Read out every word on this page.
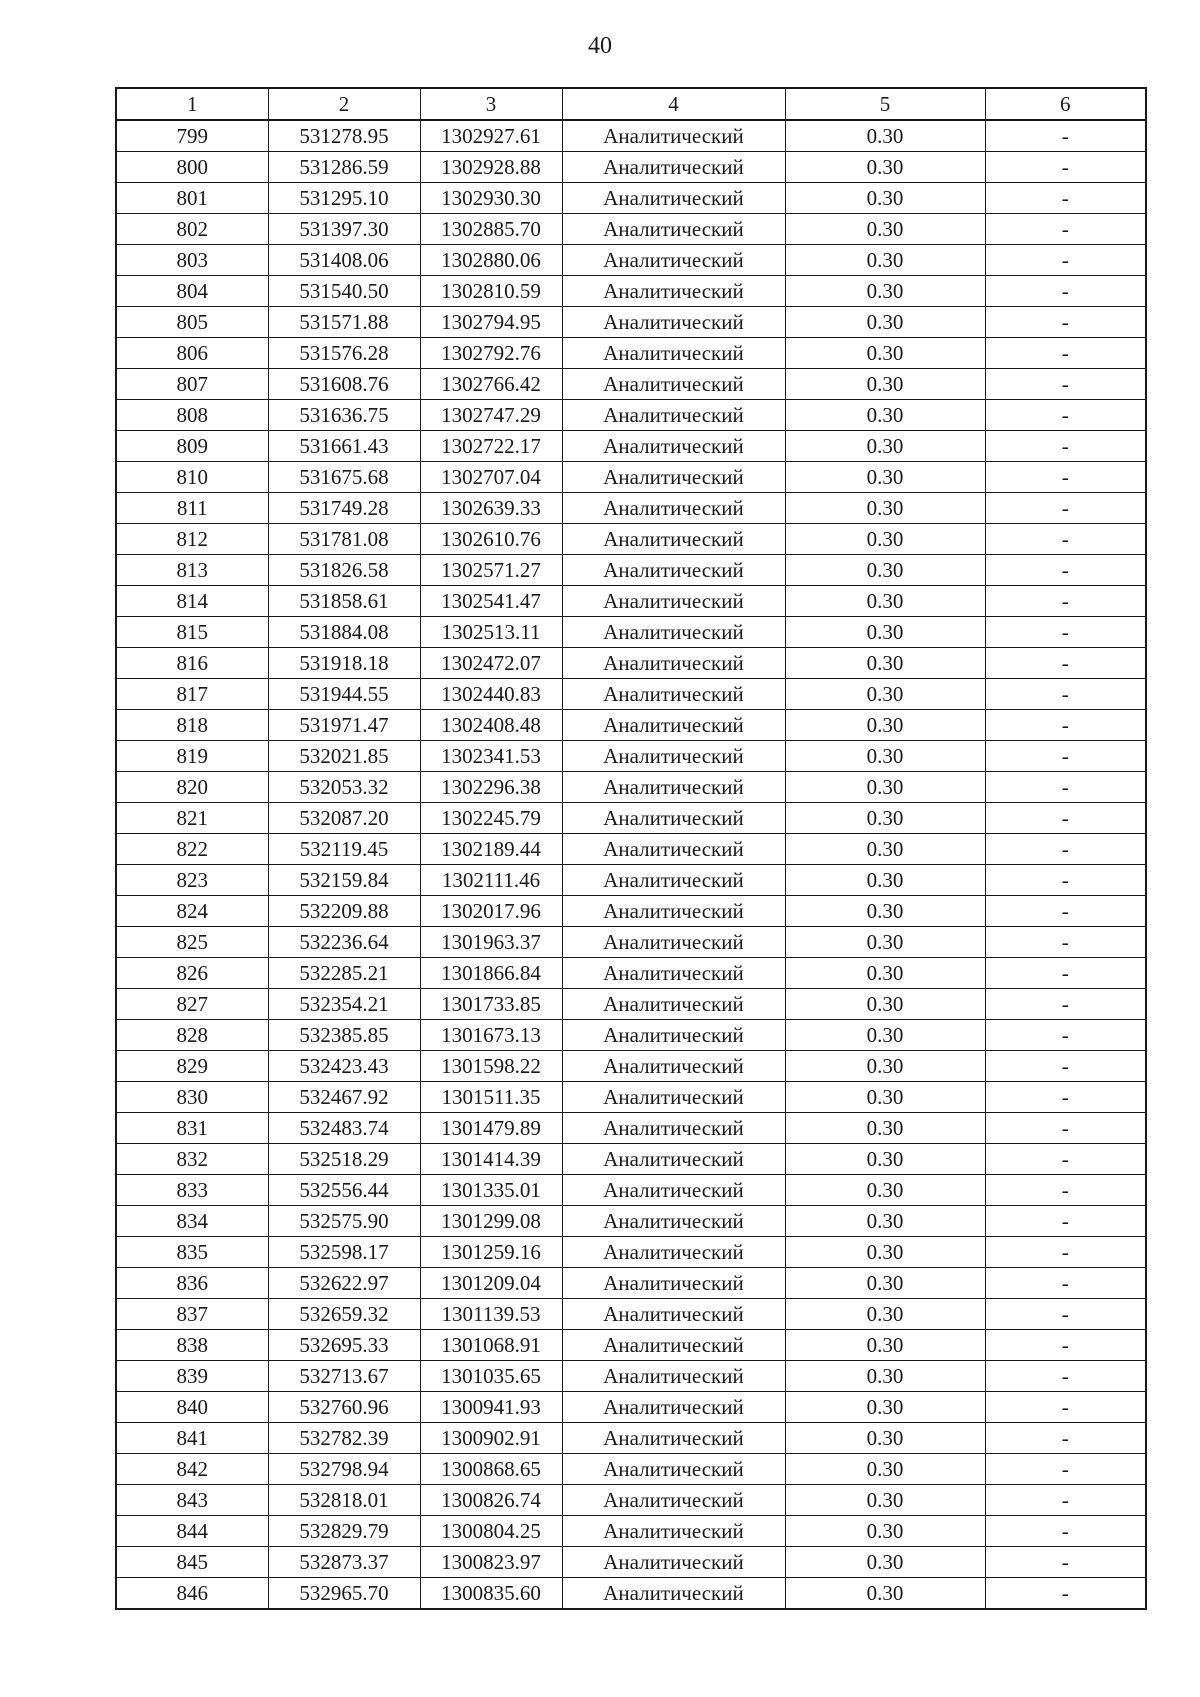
40
1	2	3	4	5	6
799	531278.95	1302927.61	Аналитический	0.30	-
800	531286.59	1302928.88	Аналитический	0.30	-
801	531295.10	1302930.30	Аналитический	0.30	-
802	531397.30	1302885.70	Аналитический	0.30	-
803	531408.06	1302880.06	Аналитический	0.30	-
804	531540.50	1302810.59	Аналитический	0.30	-
805	531571.88	1302794.95	Аналитический	0.30	-
806	531576.28	1302792.76	Аналитический	0.30	-
807	531608.76	1302766.42	Аналитический	0.30	-
808	531636.75	1302747.29	Аналитический	0.30	-
809	531661.43	1302722.17	Аналитический	0.30	-
810	531675.68	1302707.04	Аналитический	0.30	-
811	531749.28	1302639.33	Аналитический	0.30	-
812	531781.08	1302610.76	Аналитический	0.30	-
813	531826.58	1302571.27	Аналитический	0.30	-
814	531858.61	1302541.47	Аналитический	0.30	-
815	531884.08	1302513.11	Аналитический	0.30	-
816	531918.18	1302472.07	Аналитический	0.30	-
817	531944.55	1302440.83	Аналитический	0.30	-
818	531971.47	1302408.48	Аналитический	0.30	-
819	532021.85	1302341.53	Аналитический	0.30	-
820	532053.32	1302296.38	Аналитический	0.30	-
821	532087.20	1302245.79	Аналитический	0.30	-
822	532119.45	1302189.44	Аналитический	0.30	-
823	532159.84	1302111.46	Аналитический	0.30	-
824	532209.88	1302017.96	Аналитический	0.30	-
825	532236.64	1301963.37	Аналитический	0.30	-
826	532285.21	1301866.84	Аналитический	0.30	-
827	532354.21	1301733.85	Аналитический	0.30	-
828	532385.85	1301673.13	Аналитический	0.30	-
829	532423.43	1301598.22	Аналитический	0.30	-
830	532467.92	1301511.35	Аналитический	0.30	-
831	532483.74	1301479.89	Аналитический	0.30	-
832	532518.29	1301414.39	Аналитический	0.30	-
833	532556.44	1301335.01	Аналитический	0.30	-
834	532575.90	1301299.08	Аналитический	0.30	-
835	532598.17	1301259.16	Аналитический	0.30	-
836	532622.97	1301209.04	Аналитический	0.30	-
837	532659.32	1301139.53	Аналитический	0.30	-
838	532695.33	1301068.91	Аналитический	0.30	-
839	532713.67	1301035.65	Аналитический	0.30	-
840	532760.96	1300941.93	Аналитический	0.30	-
841	532782.39	1300902.91	Аналитический	0.30	-
842	532798.94	1300868.65	Аналитический	0.30	-
843	532818.01	1300826.74	Аналитический	0.30	-
844	532829.79	1300804.25	Аналитический	0.30	-
845	532873.37	1300823.97	Аналитический	0.30	-
846	532965.70	1300835.60	Аналитический	0.30	-
